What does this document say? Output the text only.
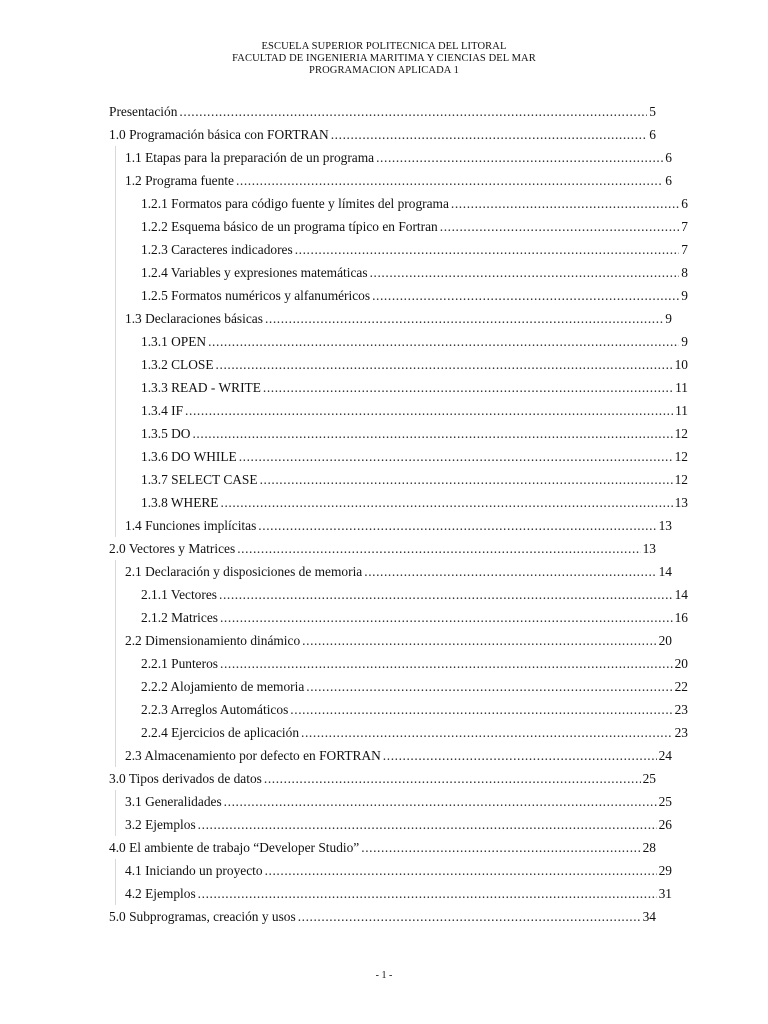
ESCUELA SUPERIOR POLITECNICA DEL LITORAL
FACULTAD DE INGENIERIA MARITIMA Y CIENCIAS DEL MAR
PROGRAMACION APLICADA 1
Presentación .....	5
1.0 Programación básica con FORTRAN .....	6
1.1 Etapas para la preparación de un programa .....	6
1.2 Programa fuente .....	6
1.2.1 Formatos para código fuente y límites del programa .....	6
1.2.2 Esquema básico de un programa típico en Fortran .....	7
1.2.3 Caracteres indicadores .....	7
1.2.4 Variables y expresiones matemáticas .....	8
1.2.5 Formatos numéricos y alfanuméricos .....	9
1.3 Declaraciones básicas .....	9
1.3.1 OPEN .....	9
1.3.2 CLOSE .....	10
1.3.3 READ - WRITE .....	11
1.3.4 IF .....	11
1.3.5 DO .....	12
1.3.6 DO WHILE .....	12
1.3.7 SELECT CASE .....	12
1.3.8 WHERE .....	13
1.4 Funciones implícitas .....	13
2.0 Vectores y Matrices .....	13
2.1 Declaración y disposiciones de memoria .....	14
2.1.1 Vectores .....	14
2.1.2 Matrices .....	16
2.2 Dimensionamiento dinámico .....	20
2.2.1 Punteros .....	20
2.2.2 Alojamiento de memoria .....	22
2.2.3 Arreglos Automáticos .....	23
2.2.4 Ejercicios de aplicación .....	23
2.3 Almacenamiento por defecto en FORTRAN .....	24
3.0 Tipos derivados de datos .....	25
3.1 Generalidades .....	25
3.2 Ejemplos .....	26
4.0 El ambiente de trabajo “Developer Studio” .....	28
4.1 Iniciando un proyecto .....	29
4.2 Ejemplos .....	31
5.0 Subprogramas, creación y usos .....	34
- 1 -
